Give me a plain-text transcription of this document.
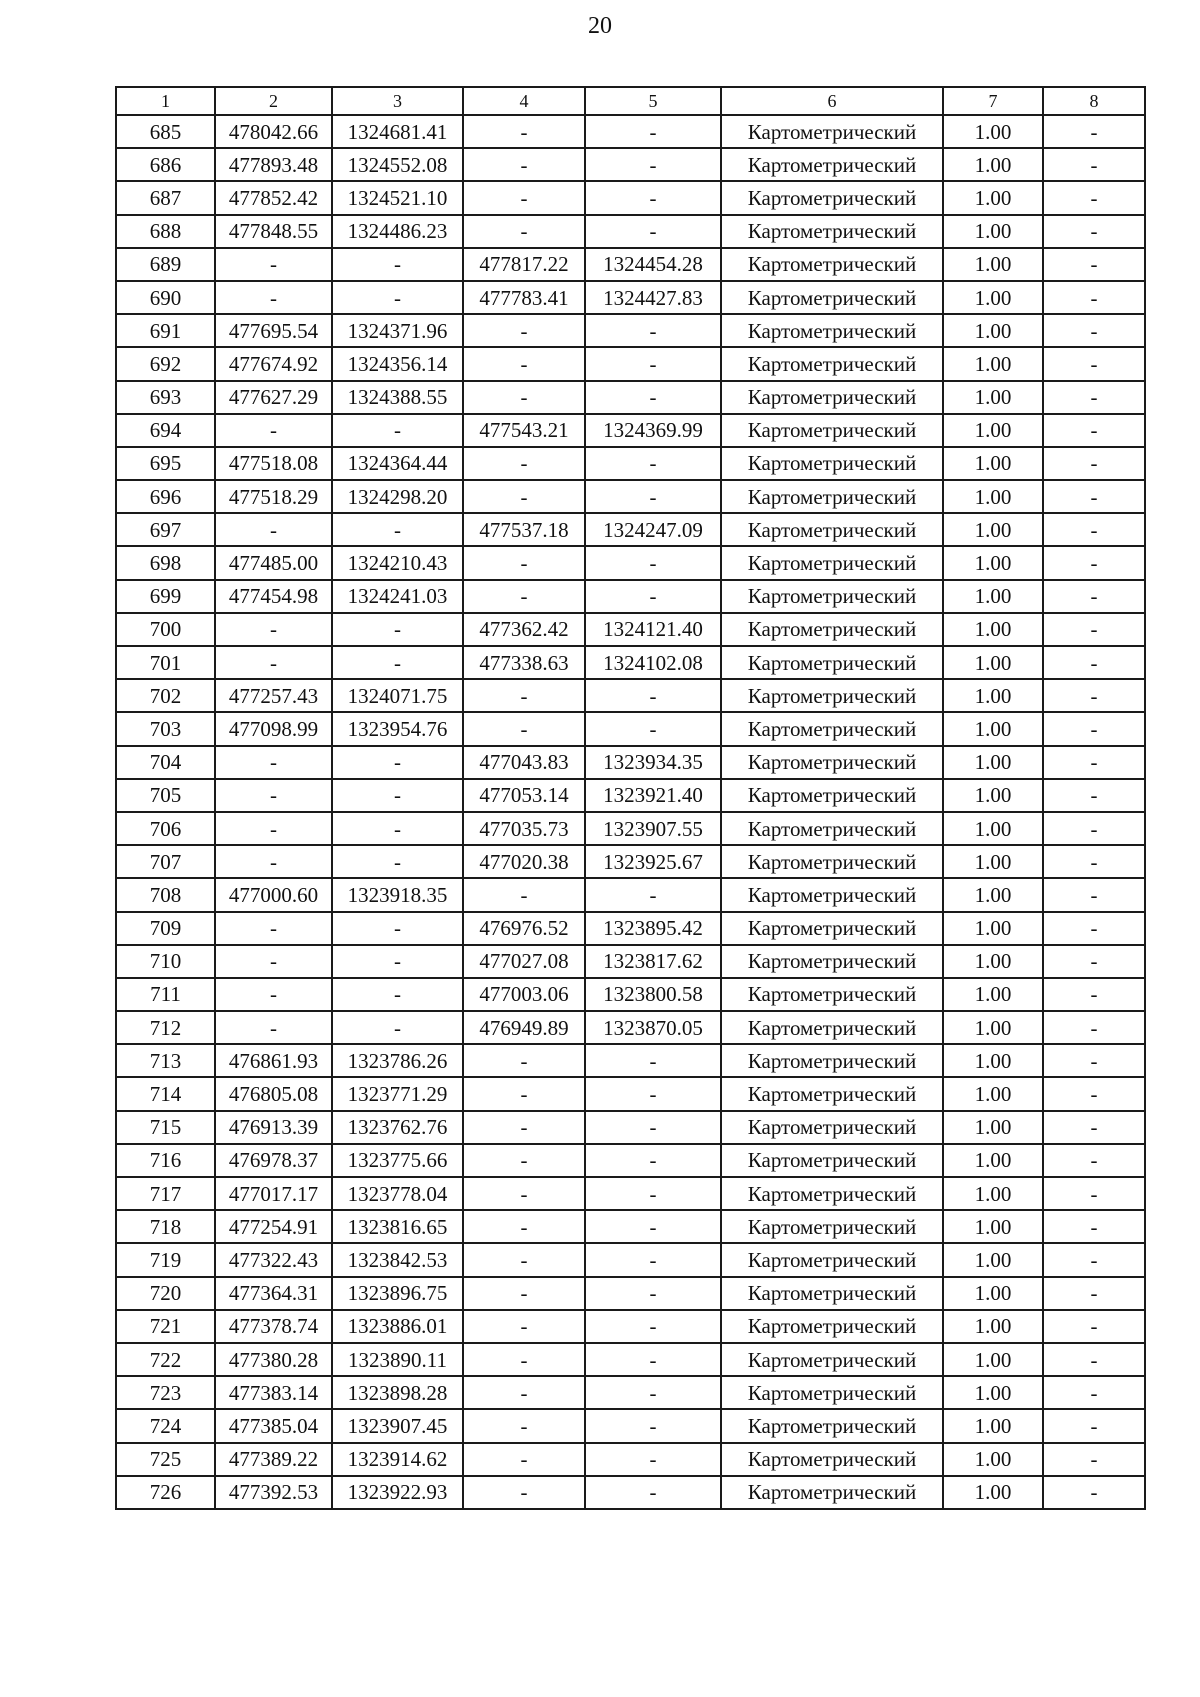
20
1	2	3	4	5	6	7	8
685	478042.66	1324681.41	-	-	Картометрический	1.00	-
686	477893.48	1324552.08	-	-	Картометрический	1.00	-
687	477852.42	1324521.10	-	-	Картометрический	1.00	-
688	477848.55	1324486.23	-	-	Картометрический	1.00	-
689	-	-	477817.22	1324454.28	Картометрический	1.00	-
690	-	-	477783.41	1324427.83	Картометрический	1.00	-
691	477695.54	1324371.96	-	-	Картометрический	1.00	-
692	477674.92	1324356.14	-	-	Картометрический	1.00	-
693	477627.29	1324388.55	-	-	Картометрический	1.00	-
694	-	-	477543.21	1324369.99	Картометрический	1.00	-
695	477518.08	1324364.44	-	-	Картометрический	1.00	-
696	477518.29	1324298.20	-	-	Картометрический	1.00	-
697	-	-	477537.18	1324247.09	Картометрический	1.00	-
698	477485.00	1324210.43	-	-	Картометрический	1.00	-
699	477454.98	1324241.03	-	-	Картометрический	1.00	-
700	-	-	477362.42	1324121.40	Картометрический	1.00	-
701	-	-	477338.63	1324102.08	Картометрический	1.00	-
702	477257.43	1324071.75	-	-	Картометрический	1.00	-
703	477098.99	1323954.76	-	-	Картометрический	1.00	-
704	-	-	477043.83	1323934.35	Картометрический	1.00	-
705	-	-	477053.14	1323921.40	Картометрический	1.00	-
706	-	-	477035.73	1323907.55	Картометрический	1.00	-
707	-	-	477020.38	1323925.67	Картометрический	1.00	-
708	477000.60	1323918.35	-	-	Картометрический	1.00	-
709	-	-	476976.52	1323895.42	Картометрический	1.00	-
710	-	-	477027.08	1323817.62	Картометрический	1.00	-
711	-	-	477003.06	1323800.58	Картометрический	1.00	-
712	-	-	476949.89	1323870.05	Картометрический	1.00	-
713	476861.93	1323786.26	-	-	Картометрический	1.00	-
714	476805.08	1323771.29	-	-	Картометрический	1.00	-
715	476913.39	1323762.76	-	-	Картометрический	1.00	-
716	476978.37	1323775.66	-	-	Картометрический	1.00	-
717	477017.17	1323778.04	-	-	Картометрический	1.00	-
718	477254.91	1323816.65	-	-	Картометрический	1.00	-
719	477322.43	1323842.53	-	-	Картометрический	1.00	-
720	477364.31	1323896.75	-	-	Картометрический	1.00	-
721	477378.74	1323886.01	-	-	Картометрический	1.00	-
722	477380.28	1323890.11	-	-	Картометрический	1.00	-
723	477383.14	1323898.28	-	-	Картометрический	1.00	-
724	477385.04	1323907.45	-	-	Картометрический	1.00	-
725	477389.22	1323914.62	-	-	Картометрический	1.00	-
726	477392.53	1323922.93	-	-	Картометрический	1.00	-
